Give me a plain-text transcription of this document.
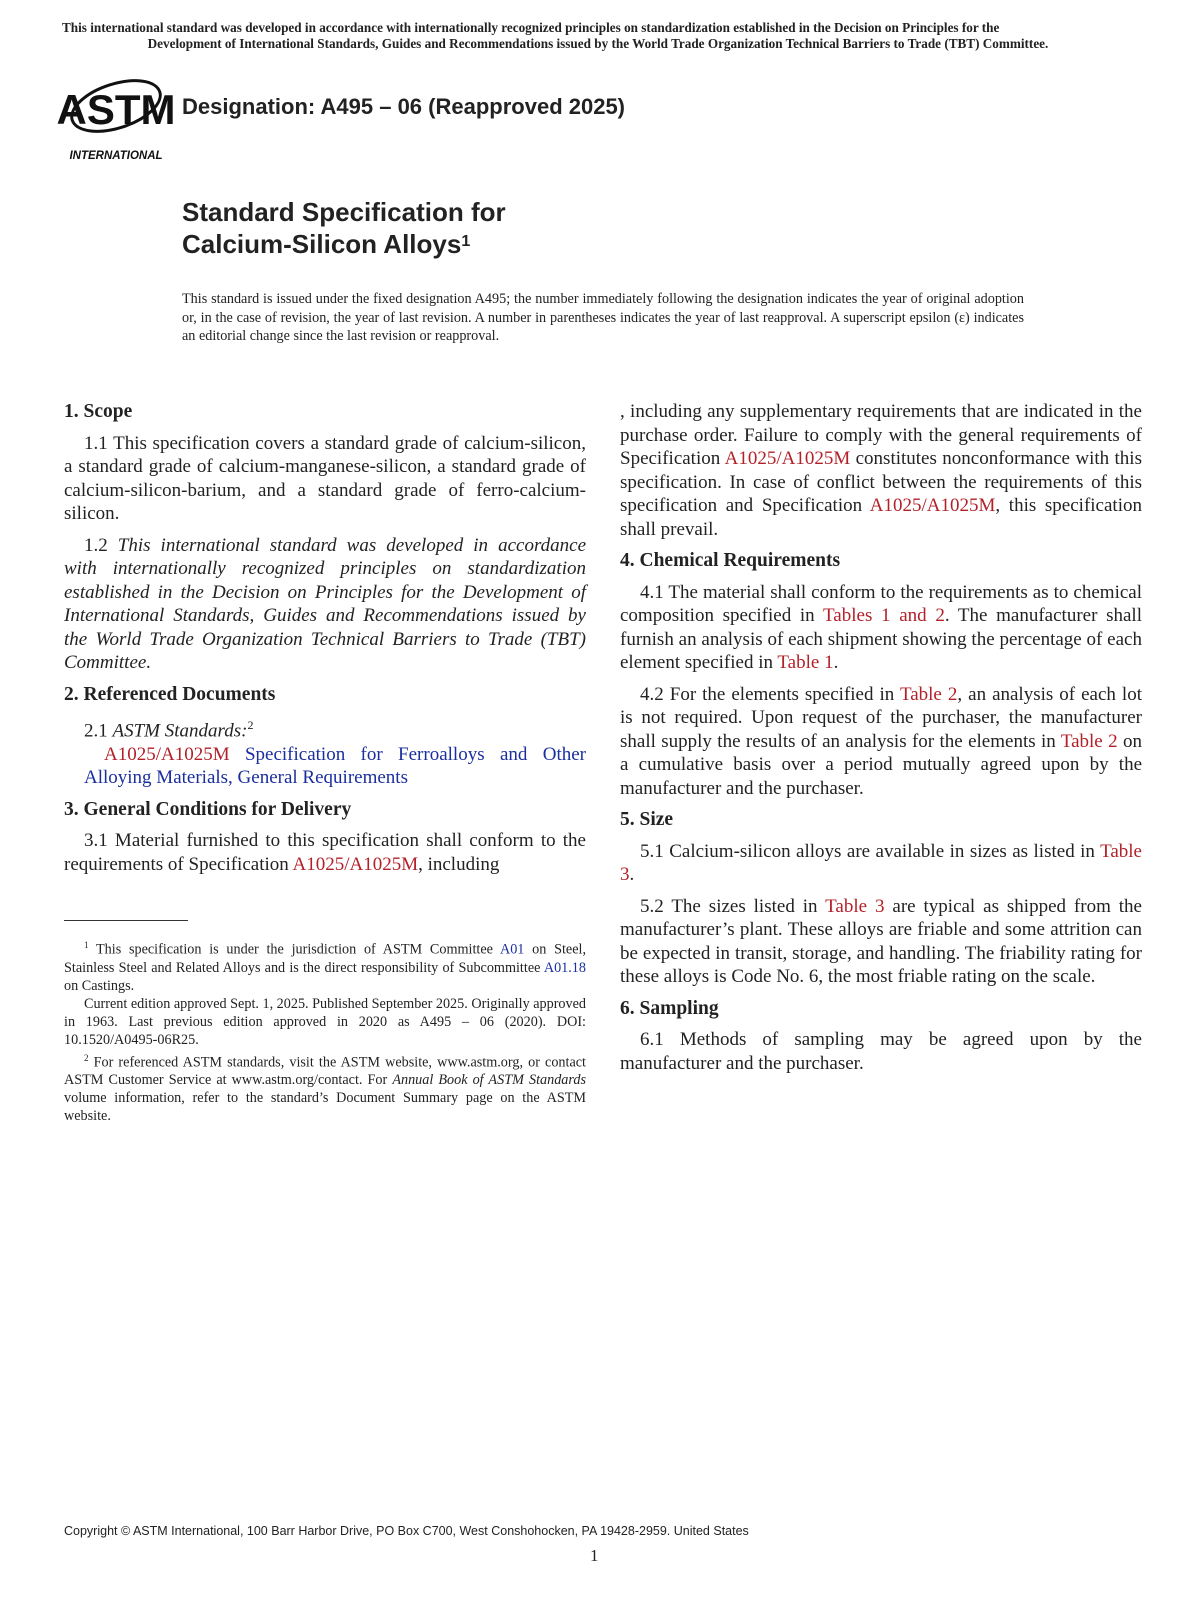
This international standard was developed in accordance with internationally recognized principles on standardization established in the Decision on Principles for the
Development of International Standards, Guides and Recommendations issued by the World Trade Organization Technical Barriers to Trade (TBT) Committee.
ASTM
INTERNATIONAL
Designation: A495 – 06 (Reapproved 2025)
Standard Specification for
Calcium-Silicon Alloys$^1$
This standard is issued under the fixed designation A495; the number immediately following the designation indicates the year of original adoption or, in the case of revision, the year of last revision. A number in parentheses indicates the year of last reapproval. A superscript epsilon (ε) indicates an editorial change since the last revision or reapproval.
1. Scope

1.1 This specification covers a standard grade of calcium-silicon, a standard grade of calcium-manganese-silicon, a standard grade of calcium-silicon-barium, and a standard grade of ferro-calcium-silicon.

1.2 This international standard was developed in accordance with internationally recognized principles on standardization established in the Decision on Principles for the Development of International Standards, Guides and Recommendations issued by the World Trade Organization Technical Barriers to Trade (TBT) Committee.

2. Referenced Documents

2.1 ASTM Standards:$^2$

A1025/A1025M Specification for Ferroalloys and Other Alloying Materials, General Requirements

3. General Conditions for Delivery

3.1 Material furnished to this specification shall conform to the requirements of Specification A1025/A1025M, including

$^1$ This specification is under the jurisdiction of ASTM Committee A01 on Steel, Stainless Steel and Related Alloys and is the direct responsibility of Subcommittee A01.18 on Castings.

Current edition approved Sept. 1, 2025. Published September 2025. Originally approved in 1963. Last previous edition approved in 2020 as A495 – 06 (2020). DOI: 10.1520/A0495-06R25.

$^2$ For referenced ASTM standards, visit the ASTM website, www.astm.org, or contact ASTM Customer Service at www.astm.org/contact. For Annual Book of ASTM Standards volume information, refer to the standard’s Document Summary page on the ASTM website.

, including any supplementary requirements that are indicated in the purchase order. Failure to comply with the general requirements of Specification A1025/A1025M constitutes nonconformance with this specification. In case of conflict between the requirements of this specification and Specification A1025/A1025M, this specification shall prevail.

4. Chemical Requirements

4.1 The material shall conform to the requirements as to chemical composition specified in Tables 1 and 2. The manufacturer shall furnish an analysis of each shipment showing the percentage of each element specified in Table 1.

4.2 For the elements specified in Table 2, an analysis of each lot is not required. Upon request of the purchaser, the manufacturer shall supply the results of an analysis for the elements in Table 2 on a cumulative basis over a period mutually agreed upon by the manufacturer and the purchaser.

5. Size

5.1 Calcium-silicon alloys are available in sizes as listed in Table 3.

5.2 The sizes listed in Table 3 are typical as shipped from the manufacturer’s plant. These alloys are friable and some attrition can be expected in transit, storage, and handling. The friability rating for these alloys is Code No. 6, the most friable rating on the scale.

6. Sampling

6.1 Methods of sampling may be agreed upon by the manufacturer and the purchaser.

Copyright © ASTM International, 100 Barr Harbor Drive, PO Box C700, West Conshohocken, PA 19428-2959. United States
1
